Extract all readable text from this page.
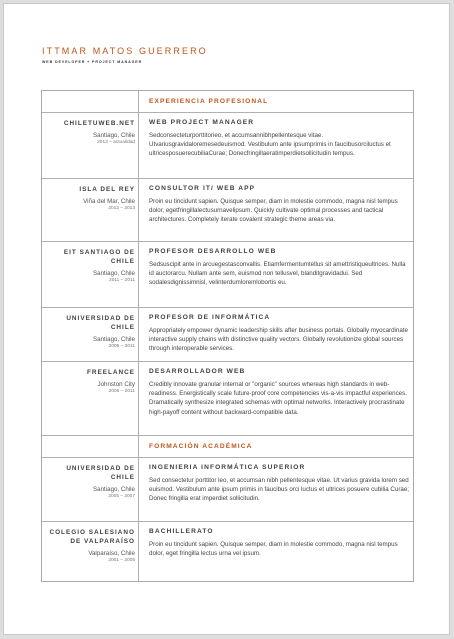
ITTMAR MATOS GUERRERO
WEB DEVELOPER + PROJECT MANAGER
EXPERIENCIA PROFESIONAL
CHILETUWEB.NET
Santiago, Chile
2013 – actualidad
WEB PROJECT MANAGER
Sedconsecteturporttitorieo, et accumsannibhpellentesque vitae. Utvariusgravidaloremesedeuismod. Vestibulum ante ipsumprimis in faucibusorciluctus et ultricesposuerecubiliaCurae; Donecfringillaeratimperdietsollicitudin tempus.
ISLA DEL REY
Viña del Mar, Chile
2012 – 2013
CONSULTOR IT/ WEB APP
Proin eu tincidunt sapien. Quisque semper, diam in molestie commodo, magna nisl tempus dolor, egetfringillalectusurnavelipsum. Quickly cultivate optimal processes and tactical architectures. Completely iterate covalent strategic theme areas via.
EIT SANTIAGO DE CHILE
Santiago, Chile
2011 – 2011
PROFESOR DESARROLLO WEB
Sedsuscipit ante in arcuegestasconvallis. Etiamfermentumtellus sit amettristiqueultrices. Nulla id auctorarcu. Nullam ante sem, euismod non tellusvel, blanditgravidadui. Sed sodalesdignissimnisl, velinterdumloremlobortis eu.
UNIVERSIDAD DE CHILE
Santiago, Chile
2005 – 2011
PROFESOR DE INFORMÁTICA
Appropriately empower dynamic leadership skills after business portals. Globally myocardinate interactive supply chains with distinctive quality vectors. Globally revolutionize global sources through interoperable services.
FREELANCE
Johnston City
2005 – 2011
DESARROLLADOR WEB
Credibly innovate granular internal or "organic" sources whereas high standards in web-readiness. Energistically scale future-proof core competencies vis-a-vis impactful experiences. Dramatically synthesize integrated schemas with optimal networks. Interactively procrastinate high-payoff content without backward-compatible data.
FORMACIÓN ACADÉMICA
UNIVERSIDAD DE CHILE
Santiago, Chile
2005 – 2007
INGENIERIA INFORMÁTICA SUPERIOR
Sed consectetur porttitor leo, et accumsan nibh pellentesque vitae. Ut varius gravida lorem sed euismod. Vestibulum ante ipsum primis in faucibus orci luctus et ultrices posuere cubilia Curae; Donec fringilla erat imperdiet sollicitudin.
COLEGIO SALESIANO DE VALPARAÍSO
Valparaíso, Chile
2001 – 2005
BACHILLERATO
Proin eu tincidunt sapien. Quisque semper, diam in molestie commodo, magna nisl tempus dolor, eget fringilla lectus urna vel ipsum.
